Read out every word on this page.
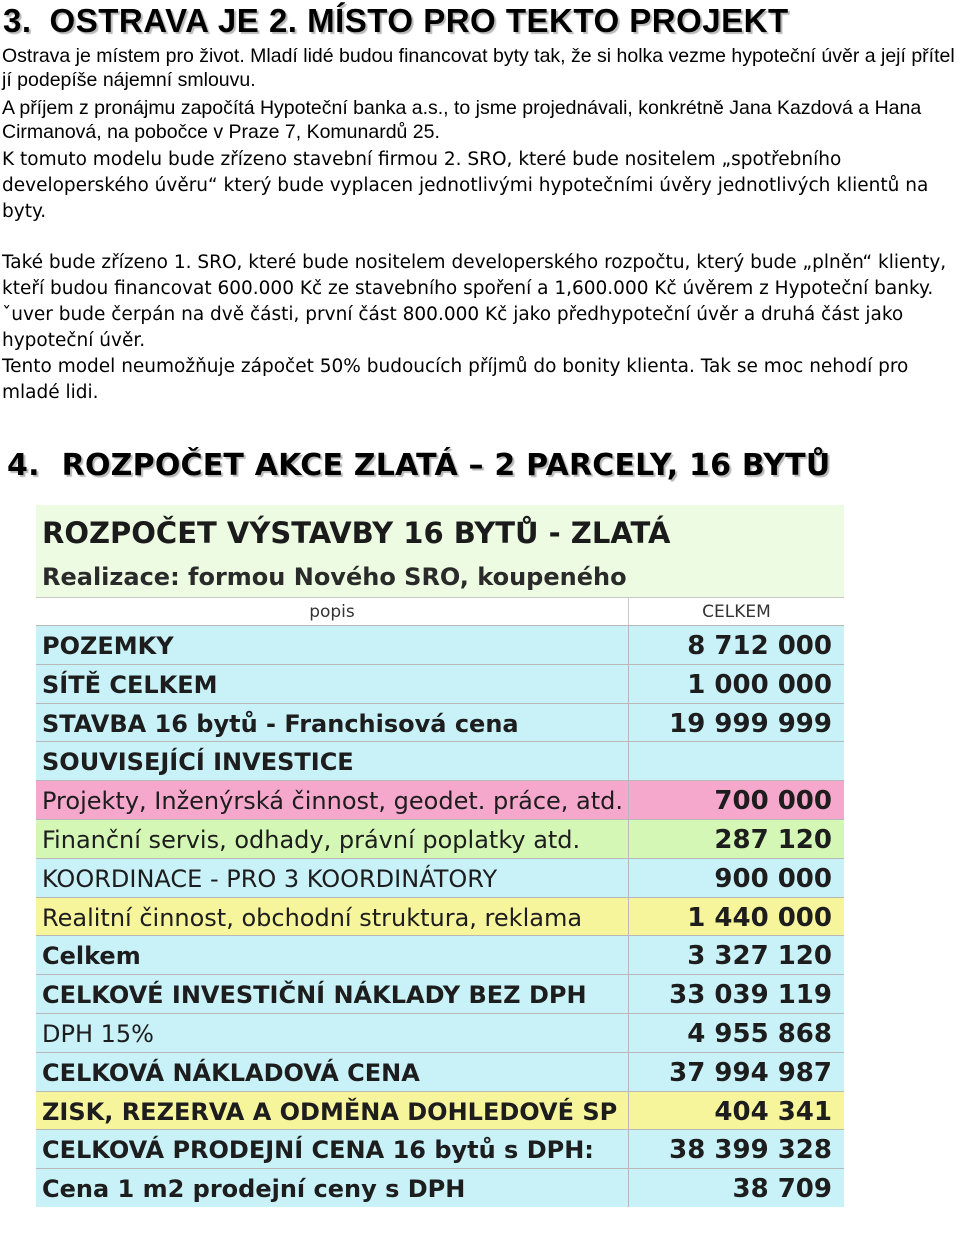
3. OSTRAVA JE 2. MÍSTO PRO TEKTO PROJEKT

Ostrava je místem pro život. Mladí lidé budou financovat byty tak, že si holka vezme hypoteční úvěr a její přítel jí podepíše nájemní smlouvu.

A příjem z pronájmu započítá Hypoteční banka a.s., to jsme projednávali, konkrétně Jana Kazdová a Hana Cirmanová, na pobočce v Praze 7, Komunardů 25.

K tomuto modelu bude zřízeno stavební firmou 2. SRO, které bude nositelem „spotřebního developerského úvěru“ který bude vyplacen jednotlivými hypotečními úvěry jednotlivých klientů na byty.

Také bude zřízeno 1. SRO, které bude nositelem developerského rozpočtu, který bude „plněn“ klienty, kteří budou financovat 600.000 Kč ze stavebního spoření a 1,600.000 Kč úvěrem z Hypoteční banky. ˇuver bude čerpán na dvě části, první část 800.000 Kč jako předhypoteční úvěr a druhá část jako hypoteční úvěr.

Tento model neumožňuje zápočet 50% budoucích příjmů do bonity klienta. Tak se moc nehodí pro mladé lidi.

4. ROZPOČET AKCE ZLATÁ – 2 PARCELY, 16 BYTŮ
ROZPOČET VÝSTAVBY 16 BYTŮ - ZLATÁ
Realizace: formou Nového SRO, koupeného
popis	CELKEM
POZEMKY	8 712 000
SÍTĚ CELKEM	1 000 000
STAVBA 16 bytů - Franchisová cena	19 999 999
SOUVISEJÍCÍ INVESTICE
Projekty, Inženýrská činnost, geodet. práce, atd.	700 000
Finanční servis, odhady, právní poplatky atd.	287 120
KOORDINACE - PRO 3 KOORDINÁTORY	900 000
Realitní činnost, obchodní struktura, reklama	1 440 000
Celkem	3 327 120
CELKOVÉ INVESTIČNÍ NÁKLADY BEZ DPH	33 039 119
DPH 15%	4 955 868
CELKOVÁ NÁKLADOVÁ CENA	37 994 987
ZISK, REZERVA A ODMĚNA DOHLEDOVÉ SP	404 341
CELKOVÁ PRODEJNÍ CENA 16 bytů s DPH:	38 399 328
Cena 1 m2 prodejní ceny s DPH	38 709
